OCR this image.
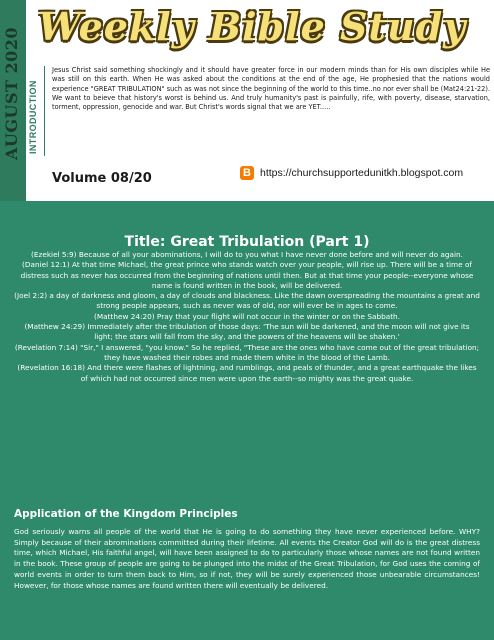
Weekly Bible Study
INTRODUCTION
Jesus Christ said something shockingly and it should have greater force in our modern minds than for His own disciples while He was still on this earth. When He was asked about the conditions at the end of the age, He prophesied that the nations would experience "GREAT TRIBULATION" such as was not since the beginning of the world to this time..no nor ever shall be (Mat24:21-22). We want to beieve that history's worst is behind us. And truly humanity's past is painfully, rife, with poverty, disease, starvation, torment, oppression, genocide and war. But Christ's words signal that we are YET.....
Volume 08/20	B https://churchsupportedunitkh.blogspot.com
Title: Great Tribulation (Part 1)

(Ezekiel 5:9) Because of all your abominations, I will do to you what I have never done before and will never do again.

(Daniel 12:1) At that time Michael, the great prince who stands watch over your people, will rise up. There will be a time of distress such as never has occurred from the beginning of nations until then. But at that time your people--everyone whose name is found written in the book, will be delivered.

(Joel 2:2) a day of darkness and gloom, a day of clouds and blackness. Like the dawn overspreading the mountains a great and strong people appears, such as never was of old, nor will ever be in ages to come.

(Matthew 24:20) Pray that your flight will not occur in the winter or on the Sabbath.

(Matthew 24:29) Immediately after the tribulation of those days: 'The sun will be darkened, and the moon will not give its light; the stars will fall from the sky, and the powers of the heavens will be shaken.'

(Revelation 7:14) "Sir," I answered, "you know." So he replied, "These are the ones who have come out of the great tribulation; they have washed their robes and made them white in the blood of the Lamb.

(Revelation 16:18) And there were flashes of lightning, and rumblings, and peals of thunder, and a great earthquake the likes of which had not occurred since men were upon the earth--so mighty was the great quake.

Application of the Kingdom Principles
God seriously warns all people of the world that He is going to do something they have never experienced before. WHY? Simply because of their abrominations committed during their lifetime. All events the Creator God will do is the great distress time, which Michael, His faithful angel, will have been assigned to do to particularly those whose names are not found written in the book. These group of people are going to be plunged into the midst of the Great Tribulation, for God uses the coming of world events in order to turn them back to Him, so if not, they will be surely experienced those unbearable circumstances! However, for those whose names are found written there will eventually be delivered.
